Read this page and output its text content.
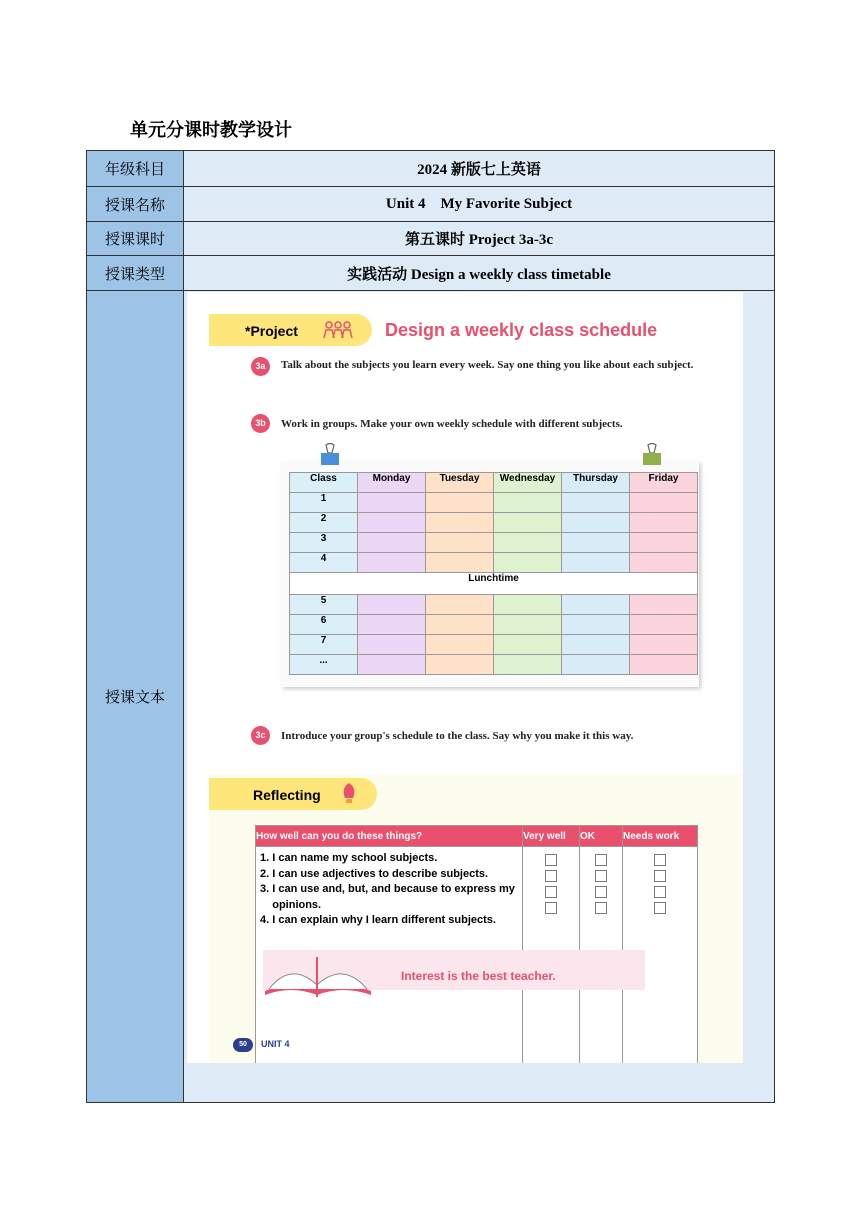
单元分课时教学设计
年级科目	2024 新版七上英语
授课名称	Unit 4    My Favorite Subject
授课课时	第五课时 Project 3a-3c
授课类型	实践活动 Design a weekly class timetable
授课文本	
*Project	Design a weekly class schedule
3a	Talk about the subjects you learn every week. Say one thing you like about each subject.
3b	Work in groups. Make your own weekly schedule with different subjects.
Class	Monday	Tuesday	Wednesday	Thursday	Friday
1					
2					
3					
4					
Lunchtime
5					
6					
7					
...					
3c	Introduce your group's schedule to the class. Say why you make it this way.
Reflecting
How well can you do these things?	Very well	OK	Needs work

1. I can name my school subjects.
2. I can use adjectives to describe subjects.
3. I can use and, but, and because to express my
opinions.
4. I can explain why I learn different subjects.

Interest is the best teacher.
50	UNIT 4
